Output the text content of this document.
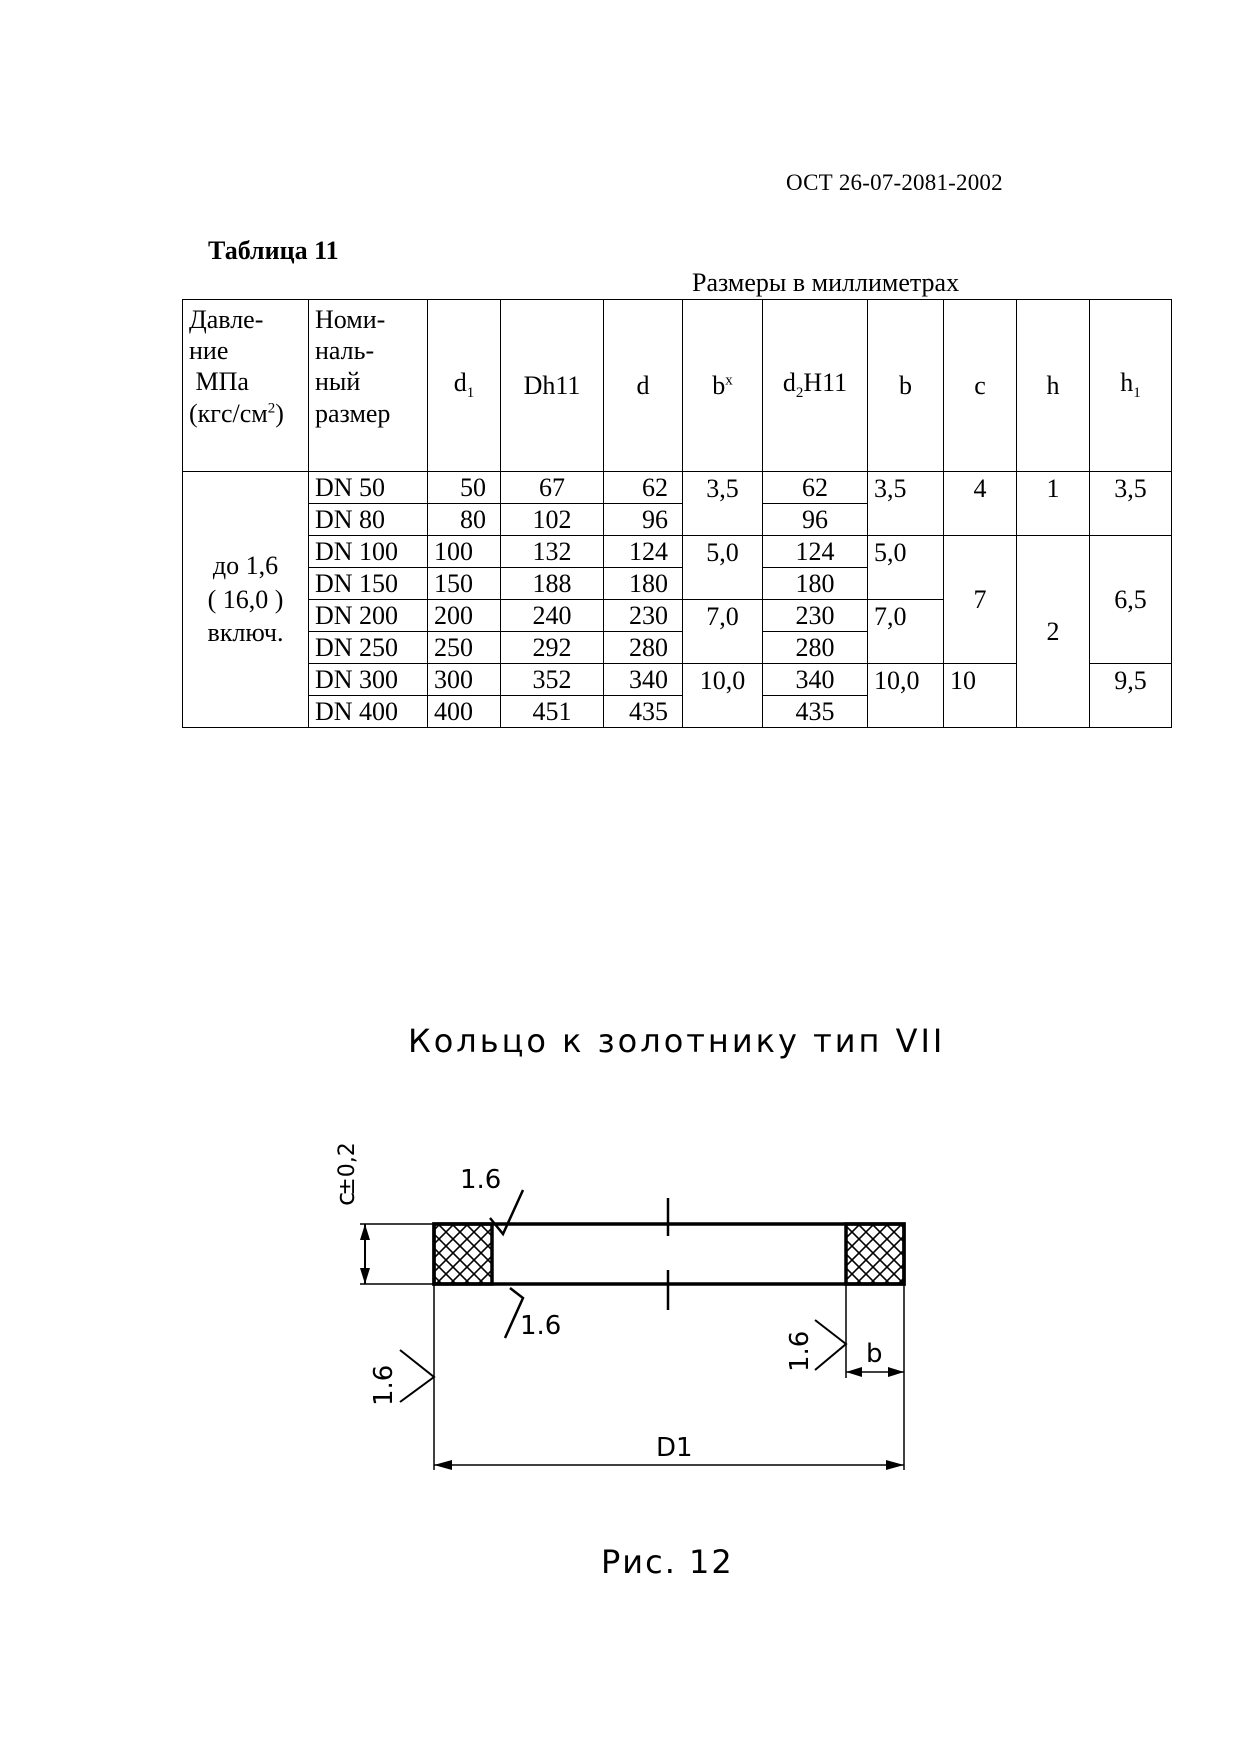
ОСТ 26-07-2081-2002
Таблица 11
Размеры в миллиметрах
Давле-
ние
МПа
$(кгс/см^2)$	Номи-
наль-
ный
размер	$d_1$	Dh11	d	$b^x$	$d_2H11$	b	c	h	$h_1$
до 1,6
( 16,0 )
включ.	DN 50	50	67	62	3,5	62	3,5	4	1	3,5
	DN 80	80	102	96		96				
	DN 100	100	132	124	5,0	124	5,0	7	2	6,5
	DN 150	150	188	180		180				
	DN 200	200	240	230	7,0	230	7,0			
	DN 250	250	292	280		280				
	DN 300	300	352	340	10,0	340	10,0	10		9,5
	DN 400	400	451	435		435				
Кольцо к золотнику тип VII
1.6
1.6
1.6
1.6
c±0,2
b
D1
Рис. 12
